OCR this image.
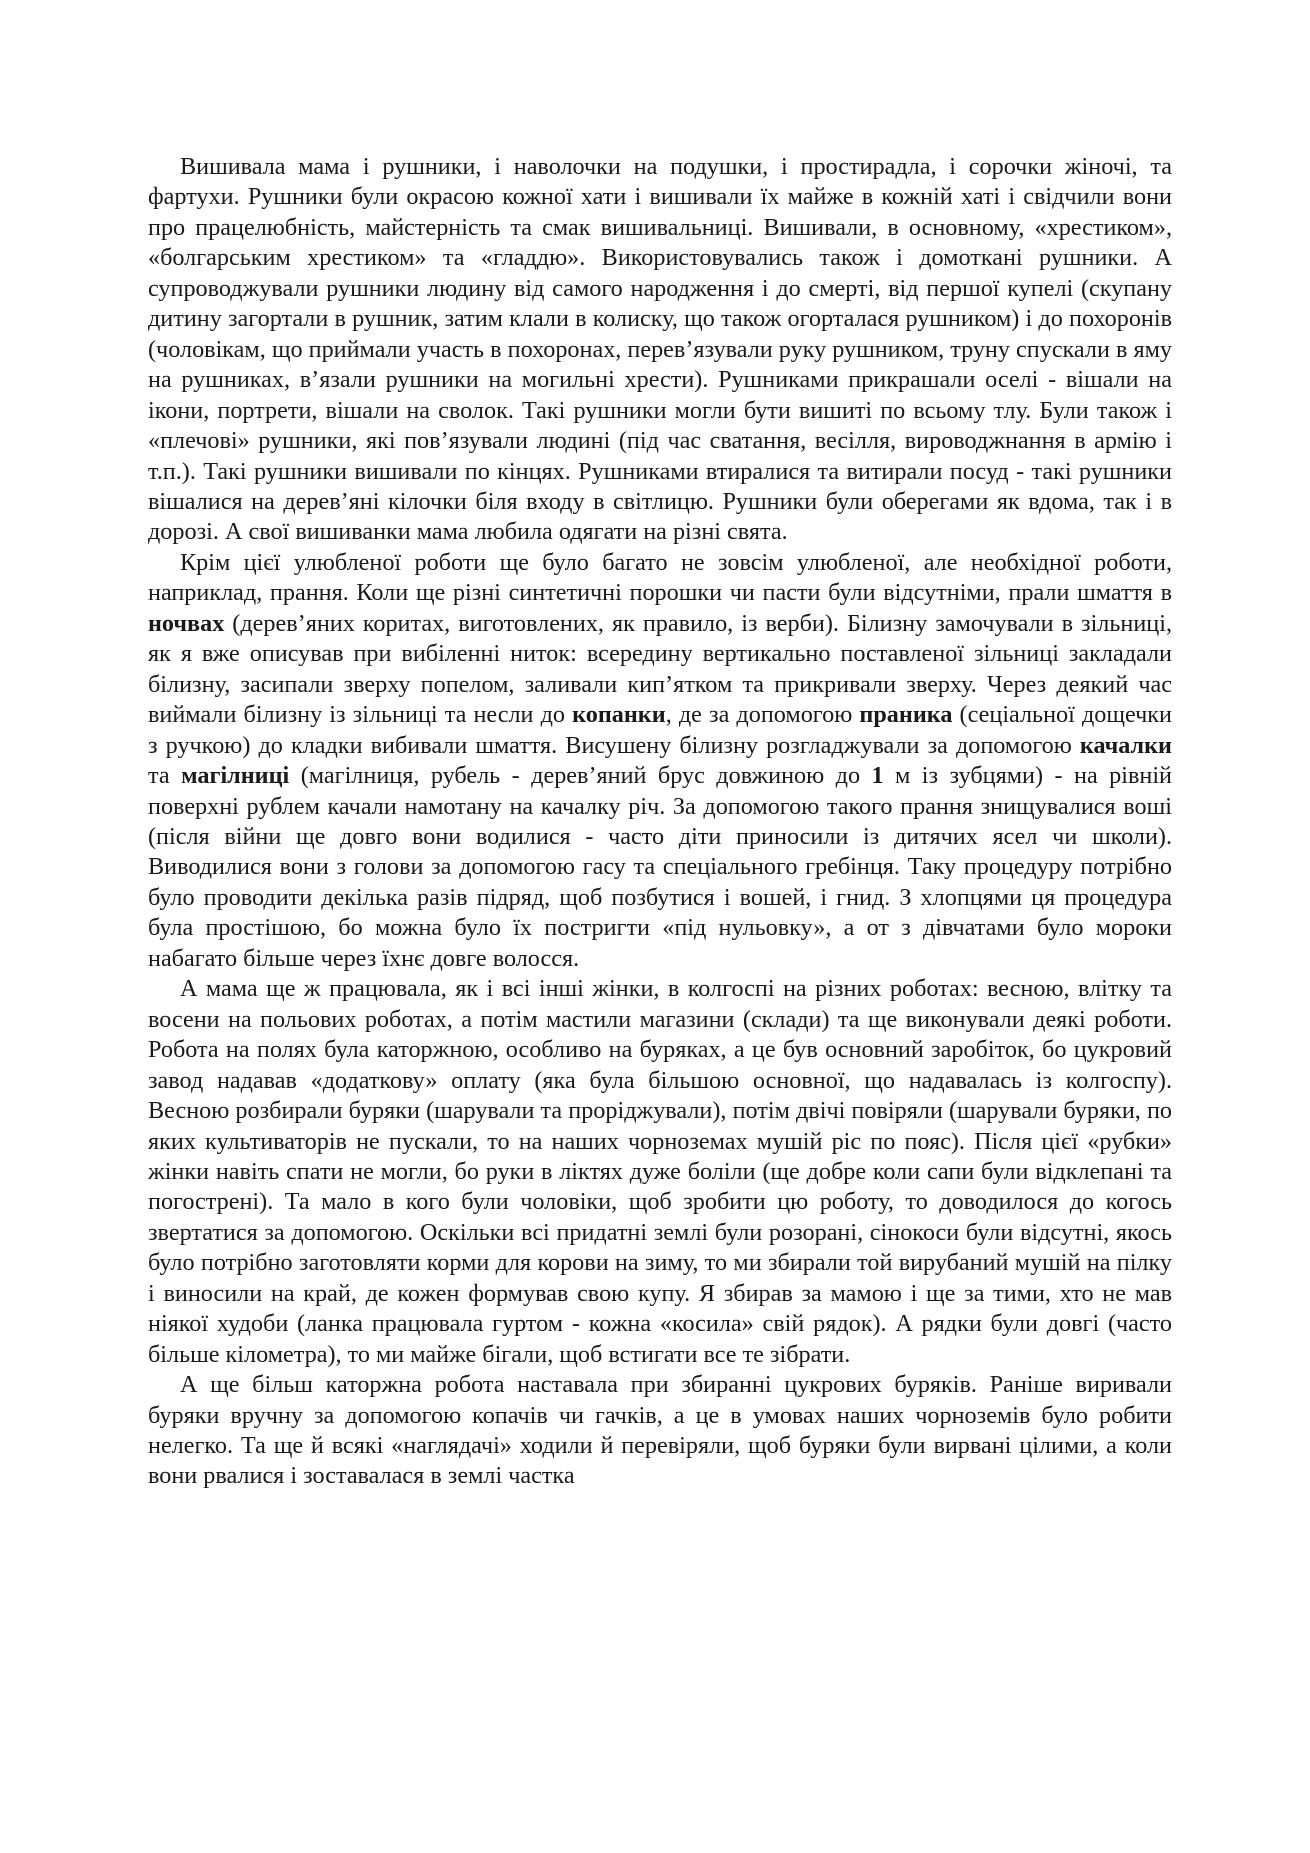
Вишивала мама і рушники, і наволочки на подушки, і простирадла, і сорочки жіночі, та фартухи. Рушники були окрасою кожної хати і вишивали їх майже в кожній хаті і свідчили вони про працелюбність, майстерність та смак вишивальниці. Вишивали, в основному, «хрестиком», «болгарським хрестиком» та «гладдю». Використовувались також і домоткані рушники. А супроводжували рушники людину від самого народження і до смерті, від першої купелі (скупану дитину загортали в рушник, затим клали в колиску, що також огорталася рушником) і до похоронів (чоловікам, що приймали участь в похоронах, перев’язували руку рушником, труну спускали в яму на рушниках, в’язали рушники на могильні хрести). Рушниками прикрашали оселі - вішали на ікони, портрети, вішали на сволок. Такі рушники могли бути вишиті по всьому тлу. Були також і «плечові» рушники, які пов’язували людині (під час сватання, весілля, вироводжнання в армію і т.п.). Такі рушники вишивали по кінцях. Рушниками втиралися та витирали посуд - такі рушники вішалися на дерев’яні кілочки біля входу в світлицю. Рушники були оберегами як вдома, так і в дорозі. А свої вишиванки мама любила одягати на різні свята.

Крім цієї улюбленої роботи ще було багато не зовсім улюбленої, але необхідної роботи, наприклад, прання. Коли ще різні синтетичні порошки чи пасти були відсутніми, прали шмаття в ночвах (дерев’яних коритах, виготовлених, як правило, із верби). Білизну замочували в зільниці, як я вже описував при вибіленні ниток: всередину вертикально поставленої зільниці закладали білизну, засипали зверху попелом, заливали кип’ятком та прикривали зверху. Через деякий час виймали білизну із зільниці та несли до копанки, де за допомогою праника (сеціальної дощечки з ручкою) до кладки вибивали шмаття. Висушену білизну розгладжували за допомогою качалки та магілниці (магілниця, рубель - дерев’яний брус довжиною до 1 м із зубцями) - на рівній поверхні рублем качали намотану на качалку річ. За допомогою такого прання знищувалися воші (після війни ще довго вони водилися - часто діти приносили із дитячих ясел чи школи). Виводилися вони з голови за допомогою гасу та спеціального гребінця. Таку процедуру потрібно було проводити декілька разів підряд, щоб позбутися і вошей, і гнид. З хлопцями ця процедура була простішою, бо можна було їх постригти «під нульовку», а от з дівчатами було мороки набагато більше через їхнє довге волосся.

А мама ще ж працювала, як і всі інші жінки, в колгоспі на різних роботах: весною, влітку та восени на польових роботах, а потім мастили магазини (склади) та ще виконували деякі роботи. Робота на полях була каторжною, особливо на буряках, а це був основний заробіток, бо цукровий завод надавав «додаткову» оплату (яка була більшою основної, що надавалась із колгоспу). Весною розбирали буряки (шарували та проріджували), потім двічі повіряли (шарували буряки, по яких культиваторів не пускали, то на наших чорноземах мушій ріс по пояс). Після цієї «рубки» жінки навіть спати не могли, бо руки в ліктях дуже боліли (ще добре коли сапи були відклепані та погострені). Та мало в кого були чоловіки, щоб зробити цю роботу, то доводилося до когось звертатися за допомогою. Оскільки всі придатні землі були розорані, сінокоси були відсутні, якось було потрібно заготовляти корми для корови на зиму, то ми збирали той вирубаний мушій на пілку і виносили на край, де кожен формував свою купу. Я збирав за мамою і ще за тими, хто не мав ніякої худоби (ланка працювала гуртом - кожна «косила» свій рядок). А рядки були довгі (часто більше кілометра), то ми майже бігали, щоб встигати все те зібрати.

А ще більш каторжна робота наставала при збиранні цукрових буряків. Раніше виривали буряки вручну за допомогою копачів чи гачків, а це в умовах наших чорноземів було робити нелегко. Та ще й всякі «наглядачі» ходили й перевіряли, щоб буряки були вирвані цілими, а коли вони рвалися і зоставалася в землі частка
